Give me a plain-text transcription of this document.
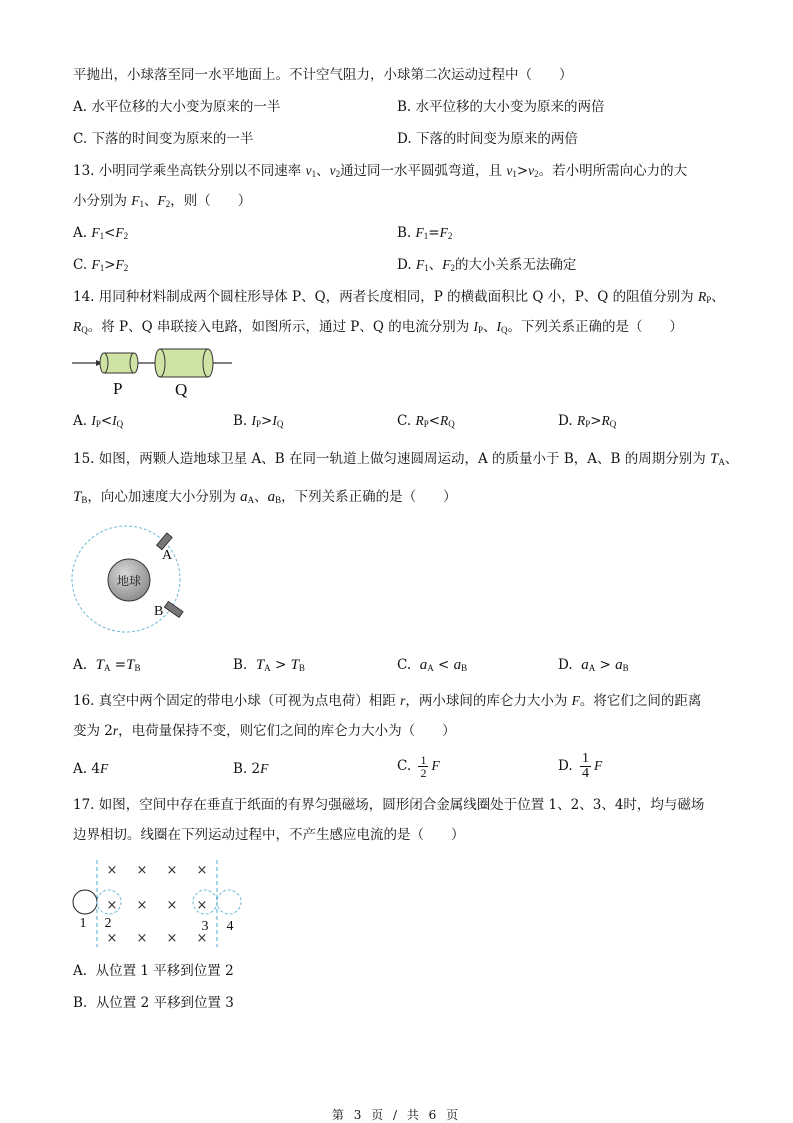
平抛出，小球落至同一水平地面上。不计空气阻力，小球第二次运动过程中（　　）
A. 水平位移的大小变为原来的一半	B. 水平位移的大小变为原来的两倍
C. 下落的时间变为原来的一半	D. 下落的时间变为原来的两倍
13. 小明同学乘坐高铁分别以不同速率 $v_1$、$v_2$通过同一水平圆弧弯道，且 $v_1>v_2$。若小明所需向心力的大
小分别为 $F_1$、$F_2$，则（　　）
A. $F_1<F_2$	B. $F_1=F_2$
C. $F_1>F_2$	D. $F_1$、$F_2$的大小关系无法确定
14. 用同种材料制成两个圆柱形导体 P、Q，两者长度相同，P 的横截面积比 Q 小，P、Q 的阻值分别为 $R_P$、
$R_Q$。将 P、Q 串联接入电路，如图所示，通过 P、Q 的电流分别为 $I_P$、$I_Q$。下列关系正确的是（　　）
P	Q
A. $I_P<I_Q$	B. $I_P>I_Q$	C. $R_P<R_Q$	D. $R_P>R_Q$
15. 如图，两颗人造地球卫星 A、B 在同一轨道上做匀速圆周运动，A 的质量小于 B，A、B 的周期分别为 $T_A$、
$T_B$，向心加速度大小分别为 $a_A$、$a_B$，下列关系正确的是（　　）
地球
A
B
A. $T_A =T_B$	B. $T_A > T_B$	C. $a_A < a_B$	D. $a_A > a_B$
16. 真空中两个固定的带电小球（可视为点电荷）相距 r，两小球间的库仑力大小为 F。将它们之间的距离
变为 2r，电荷量保持不变，则它们之间的库仑力大小为（　　）
A. 4F	B. 2F	C. $\frac{1}{2}$ F	D. $\frac{1}{4}$ F
17. 如图，空间中存在垂直于纸面的有界匀强磁场，圆形闭合金属线圈处于位置 1、2、3、4时，均与磁场
边界相切。线圈在下列运动过程中，不产生感应电流的是（　　）
× × × ×
× × × ×
× × × ×
1 2	3 4
A. 从位置 1 平移到位置 2
B. 从位置 2 平移到位置 3
第 3 页 / 共 6 页
